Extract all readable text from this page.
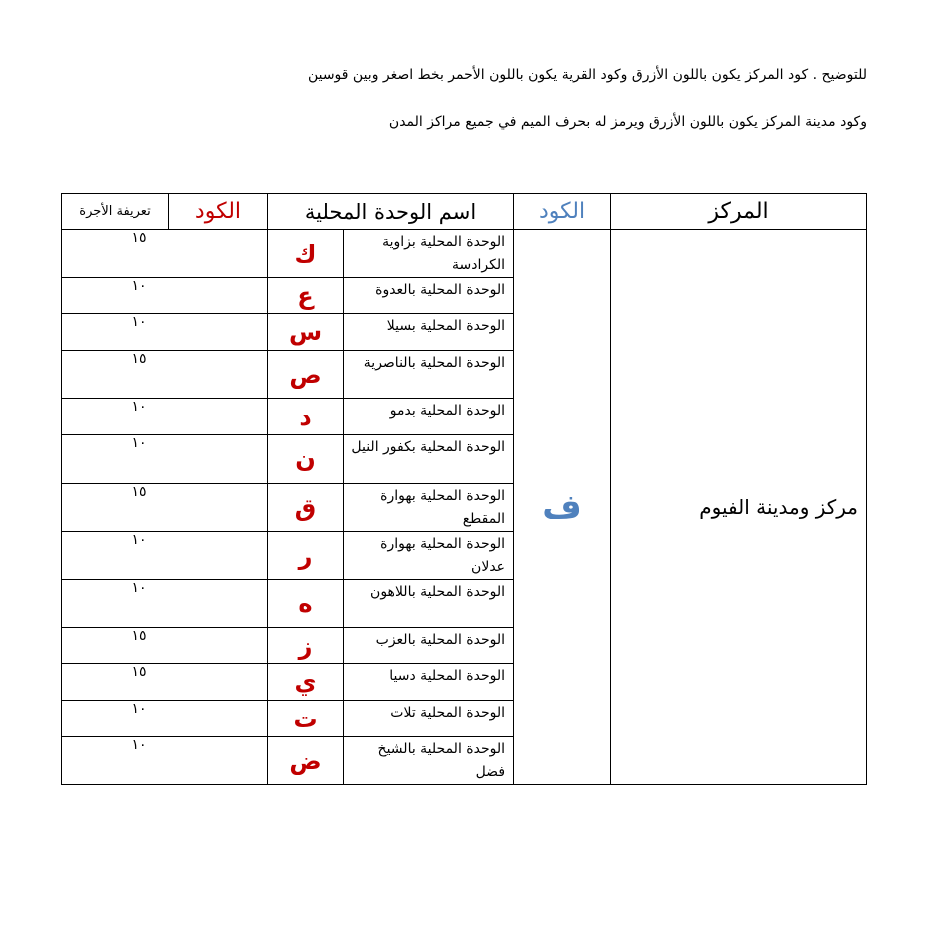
للتوضيح . كود المركز يكون باللون الأزرق وكود القرية يكون باللون الأحمر بخط اصغر وبين قوسين
وكود مدينة المركز يكون باللون الأزرق ويرمز له بحرف الميم في جميع مراكز المدن
تعريفة الأجرة	الكود	اسم الوحدة المحلية		الكود	المركز
١٥		ك	الوحدة المحلية بزاوية الكرادسة	ف	مركز ومدينة الفيوم
١٠		ع	الوحدة المحلية بالعدوة		
١٠		س	الوحدة المحلية بسيلا		
١٥		ص	الوحدة المحلية بالناصرية		
١٠		د	الوحدة المحلية بدمو		
١٠		ن	الوحدة المحلية بكفور النيل		
١٥		ق	الوحدة المحلية بهوارة المقطع		
١٠		ر	الوحدة المحلية بهوارة عدلان		
١٠		ه	الوحدة المحلية باللاهون		
١٥		ز	الوحدة المحلية بالعزب		
١٥		ي	الوحدة المحلية دسيا		
١٠		ت	الوحدة المحلية تلات		
١٠		ض	الوحدة المحلية بالشيخ فضل		
